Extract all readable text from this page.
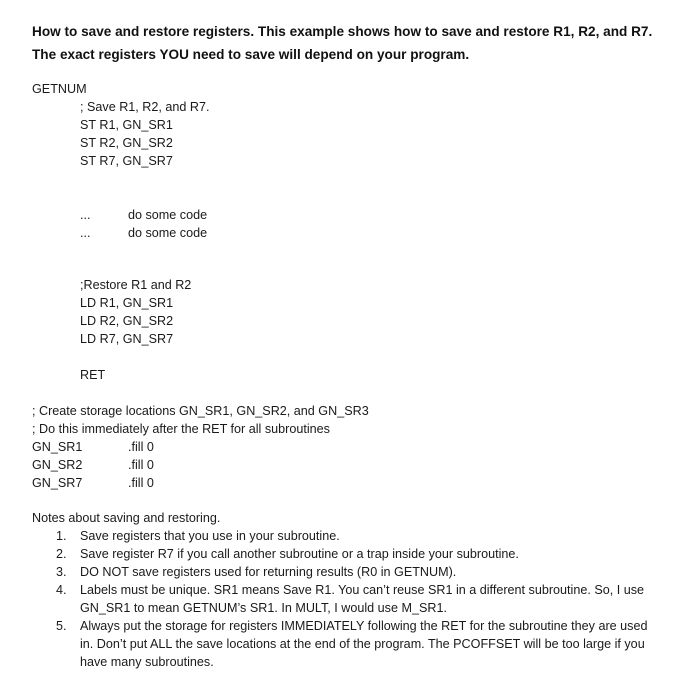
How to save and restore registers. This example shows how to save and restore R1, R2, and R7. The exact registers YOU need to save will depend on your program.
GETNUM
; Save R1, R2, and R7.
ST R1, GN_SR1
ST R2, GN_SR2
ST R7, GN_SR7
...	do some code
...	do some code
;Restore R1 and R2
LD R1, GN_SR1
LD R2, GN_SR2
LD R7, GN_SR7
RET
; Create storage locations GN_SR1, GN_SR2, and GN_SR3
; Do this immediately after the RET for all subroutines
GN_SR1	.fill 0
GN_SR2	.fill 0
GN_SR7	.fill 0
Notes about saving and restoring.
1. Save registers that you use in your subroutine.
2. Save register R7 if you call another subroutine or a trap inside your subroutine.
3. DO NOT save registers used for returning results (R0 in GETNUM).
4. Labels must be unique. SR1 means Save R1. You can’t reuse SR1 in a different subroutine. So, I use GN_SR1 to mean GETNUM’s SR1. In MULT, I would use M_SR1.
5. Always put the storage for registers IMMEDIATELY following the RET for the subroutine they are used in. Don’t put ALL the save locations at the end of the program. The PCOFFSET will be too large if you have many subroutines.
